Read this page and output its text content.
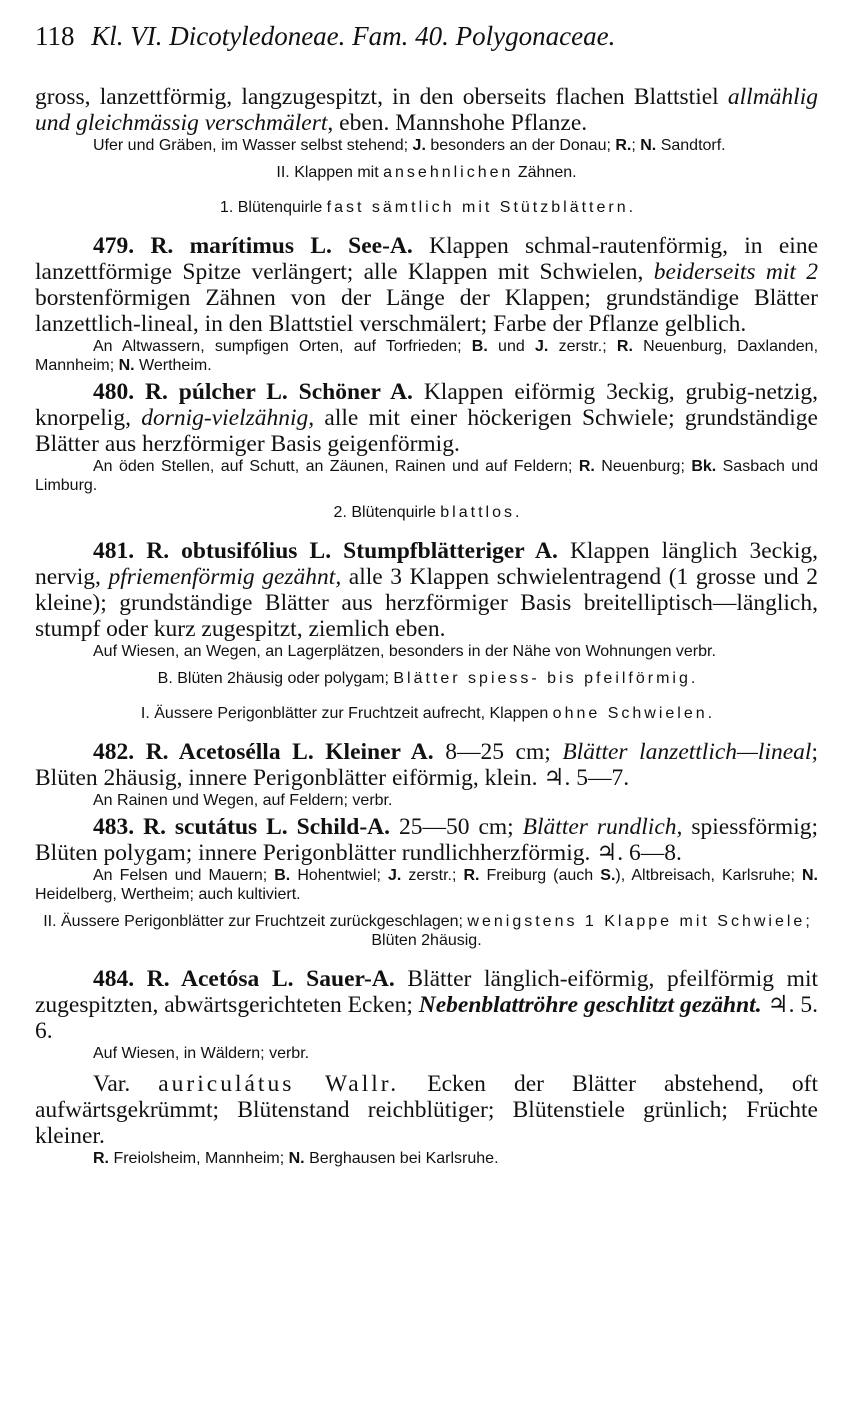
118 Kl. VI. Dicotyledoneae. Fam. 40. Polygonaceae.

gross, lanzettförmig, langzugespitzt, in den oberseits flachen Blattstiel allmählig und gleichmässig verschmälert, eben. Mannshohe Pflanze.

Ufer und Gräben, im Wasser selbst stehend; J. besonders an der Donau; R.; N. Sandtorf.

II. Klappen mit ansehnlichen Zähnen.

1. Blütenquirle fast sämtlich mit Stützblättern.

479. R. marítimus L. See-A. Klappen schmal-rautenförmig, in eine lanzettförmige Spitze verlängert; alle Klappen mit Schwielen, beiderseits mit 2 borstenförmigen Zähnen von der Länge der Klappen; grundständige Blätter lanzettlich-lineal, in den Blattstiel verschmälert; Farbe der Pflanze gelblich.

An Altwassern, sumpfigen Orten, auf Torfrieden; B. und J. zerstr.; R. Neuenburg, Daxlanden, Mannheim; N. Wertheim.

480. R. púlcher L. Schöner A. Klappen eiförmig 3eckig, grubig-netzig, knorpelig, dornig-vielzähnig, alle mit einer höckerigen Schwiele; grundständige Blätter aus herzförmiger Basis geigenförmig.

An öden Stellen, auf Schutt, an Zäunen, Rainen und auf Feldern; R. Neuenburg; Bk. Sasbach und Limburg.

2. Blütenquirle blattlos.

481. R. obtusifólius L. Stumpfblätteriger A. Klappen länglich 3eckig, nervig, pfriemenförmig gezähnt, alle 3 Klappen schwielentragend (1 grosse und 2 kleine); grundständige Blätter aus herzförmiger Basis breitelliptisch—länglich, stumpf oder kurz zugespitzt, ziemlich eben.

Auf Wiesen, an Wegen, an Lagerplätzen, besonders in der Nähe von Wohnungen verbr.

B. Blüten 2häusig oder polygam; Blätter spiess- bis pfeilförmig.

I. Äussere Perigonblätter zur Fruchtzeit aufrecht, Klappen ohne Schwielen.

482. R. Acetosélla L. Kleiner A. 8—25 cm; Blätter lanzettlich—lineal; Blüten 2häusig, innere Perigonblätter eiförmig, klein. ♃. 5—7.

An Rainen und Wegen, auf Feldern; verbr.

483. R. scutátus L. Schild-A. 25—50 cm; Blätter rundlich, spiessförmig; Blüten polygam; innere Perigonblätter rundlichherzförmig. ♃. 6—8.

An Felsen und Mauern; B. Hohentwiel; J. zerstr.; R. Freiburg (auch S.), Altbreisach, Karlsruhe; N. Heidelberg, Wertheim; auch kultiviert.

II. Äussere Perigonblätter zur Fruchtzeit zurückgeschlagen; wenigstens 1 Klappe mit Schwiele; Blüten 2häusig.

484. R. Acetósa L. Sauer-A. Blätter länglich-eiförmig, pfeilförmig mit zugespitzten, abwärtsgerichteten Ecken; Nebenblattröhre geschlitzt gezähnt. ♃. 5. 6.

Auf Wiesen, in Wäldern; verbr.

Var. auriculátus Wallr. Ecken der Blätter abstehend, oft aufwärtsgekrümmt; Blütenstand reichblütiger; Blütenstiele grünlich; Früchte kleiner.

R. Freiolsheim, Mannheim; N. Berghausen bei Karlsruhe.
